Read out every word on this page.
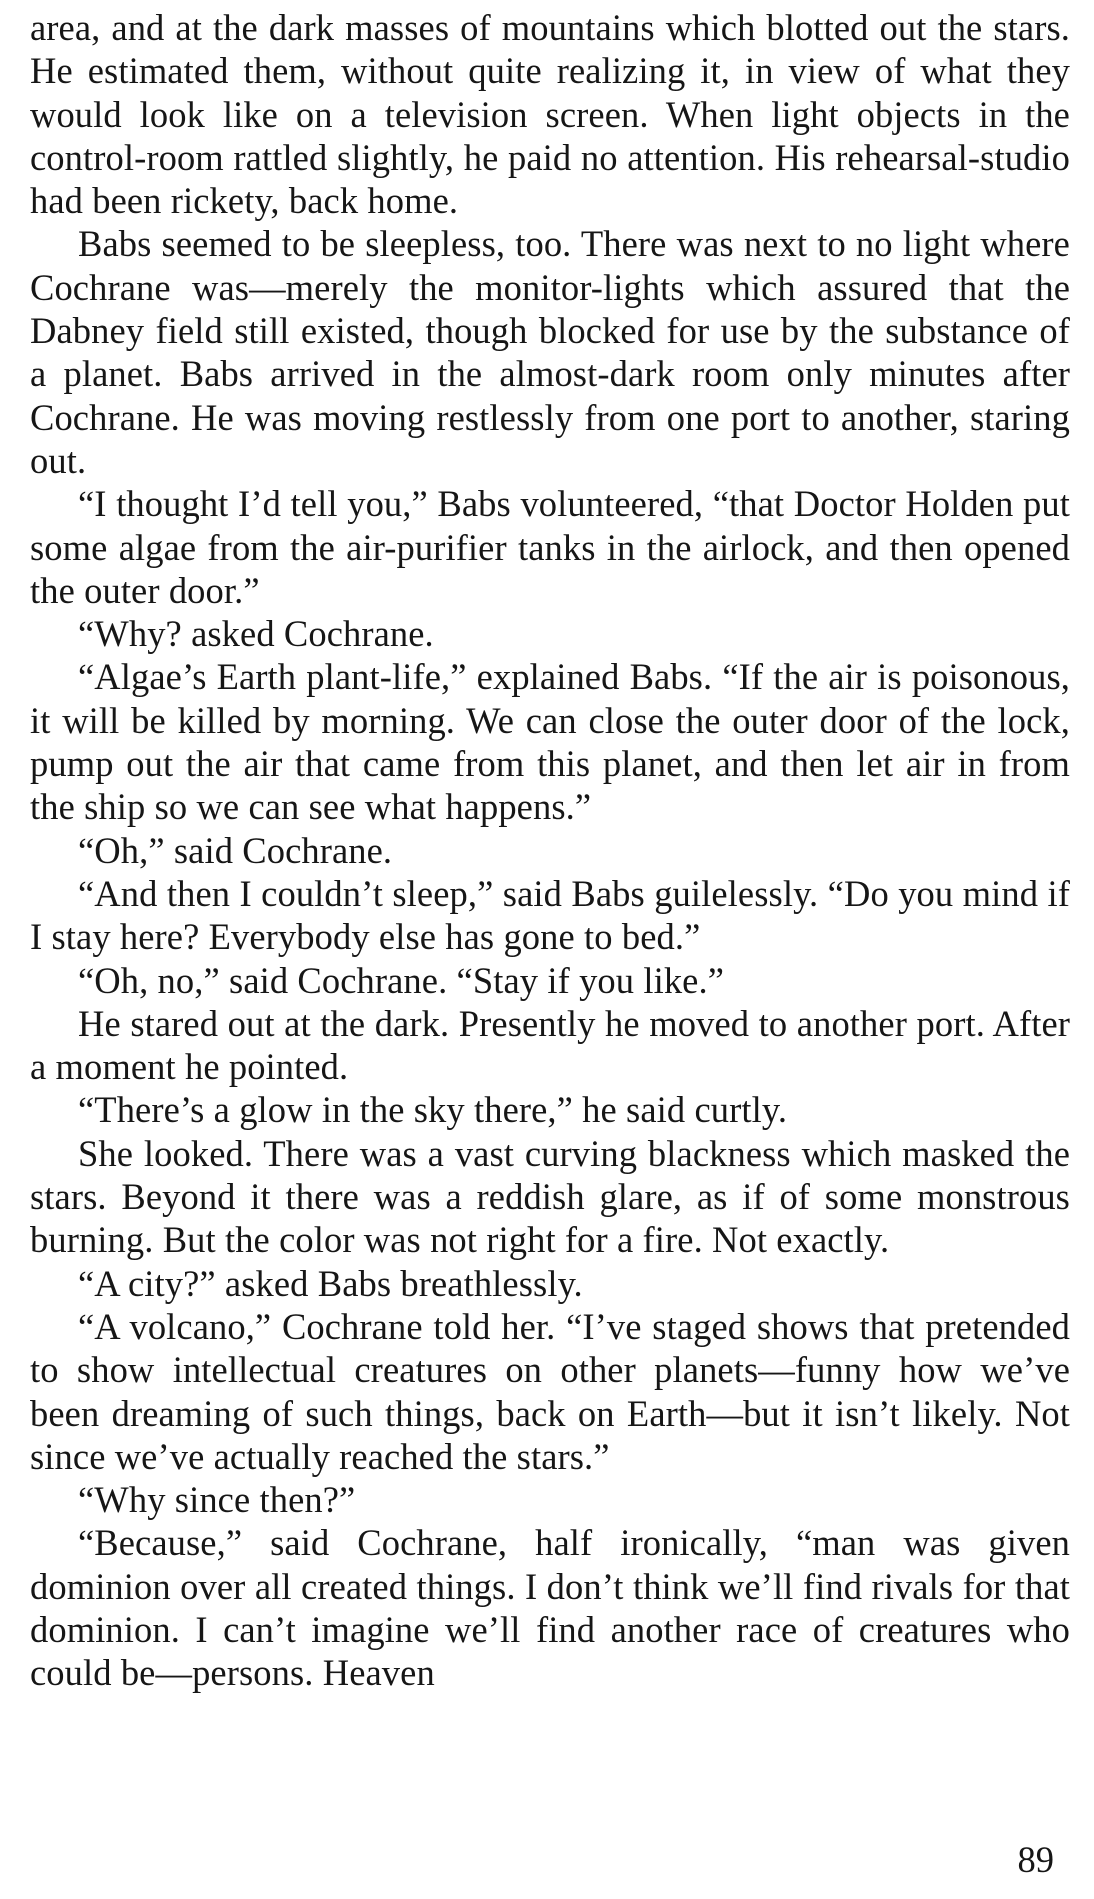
area, and at the dark masses of mountains which blotted out the stars. He estimated them, without quite realizing it, in view of what they would look like on a television screen. When light objects in the control-room rattled slightly, he paid no attention. His rehearsal-studio had been rickety, back home.

Babs seemed to be sleepless, too. There was next to no light where Cochrane was—merely the monitor-lights which assured that the Dabney field still existed, though blocked for use by the substance of a planet. Babs arrived in the almost-dark room only minutes after Cochrane. He was moving restlessly from one port to another, staring out.

“I thought I’d tell you,” Babs volunteered, “that Doctor Holden put some algae from the air-purifier tanks in the airlock, and then opened the outer door.”

“Why? asked Cochrane.

“Algae’s Earth plant-life,” explained Babs. “If the air is poisonous, it will be killed by morning. We can close the outer door of the lock, pump out the air that came from this planet, and then let air in from the ship so we can see what happens.”

“Oh,” said Cochrane.

“And then I couldn’t sleep,” said Babs guilelessly. “Do you mind if I stay here? Everybody else has gone to bed.”

“Oh, no,” said Cochrane. “Stay if you like.”

He stared out at the dark. Presently he moved to another port. After a moment he pointed.

“There’s a glow in the sky there,” he said curtly.

She looked. There was a vast curving blackness which masked the stars. Beyond it there was a reddish glare, as if of some monstrous burning. But the color was not right for a fire. Not exactly.

“A city?” asked Babs breathlessly.

“A volcano,” Cochrane told her. “I’ve staged shows that pretended to show intellectual creatures on other planets—funny how we’ve been dreaming of such things, back on Earth—but it isn’t likely. Not since we’ve actually reached the stars.”

“Why since then?”

“Because,” said Cochrane, half ironically, “man was given dominion over all created things. I don’t think we’ll find rivals for that dominion. I can’t imagine we’ll find another race of creatures who could be—persons. Heaven

89
